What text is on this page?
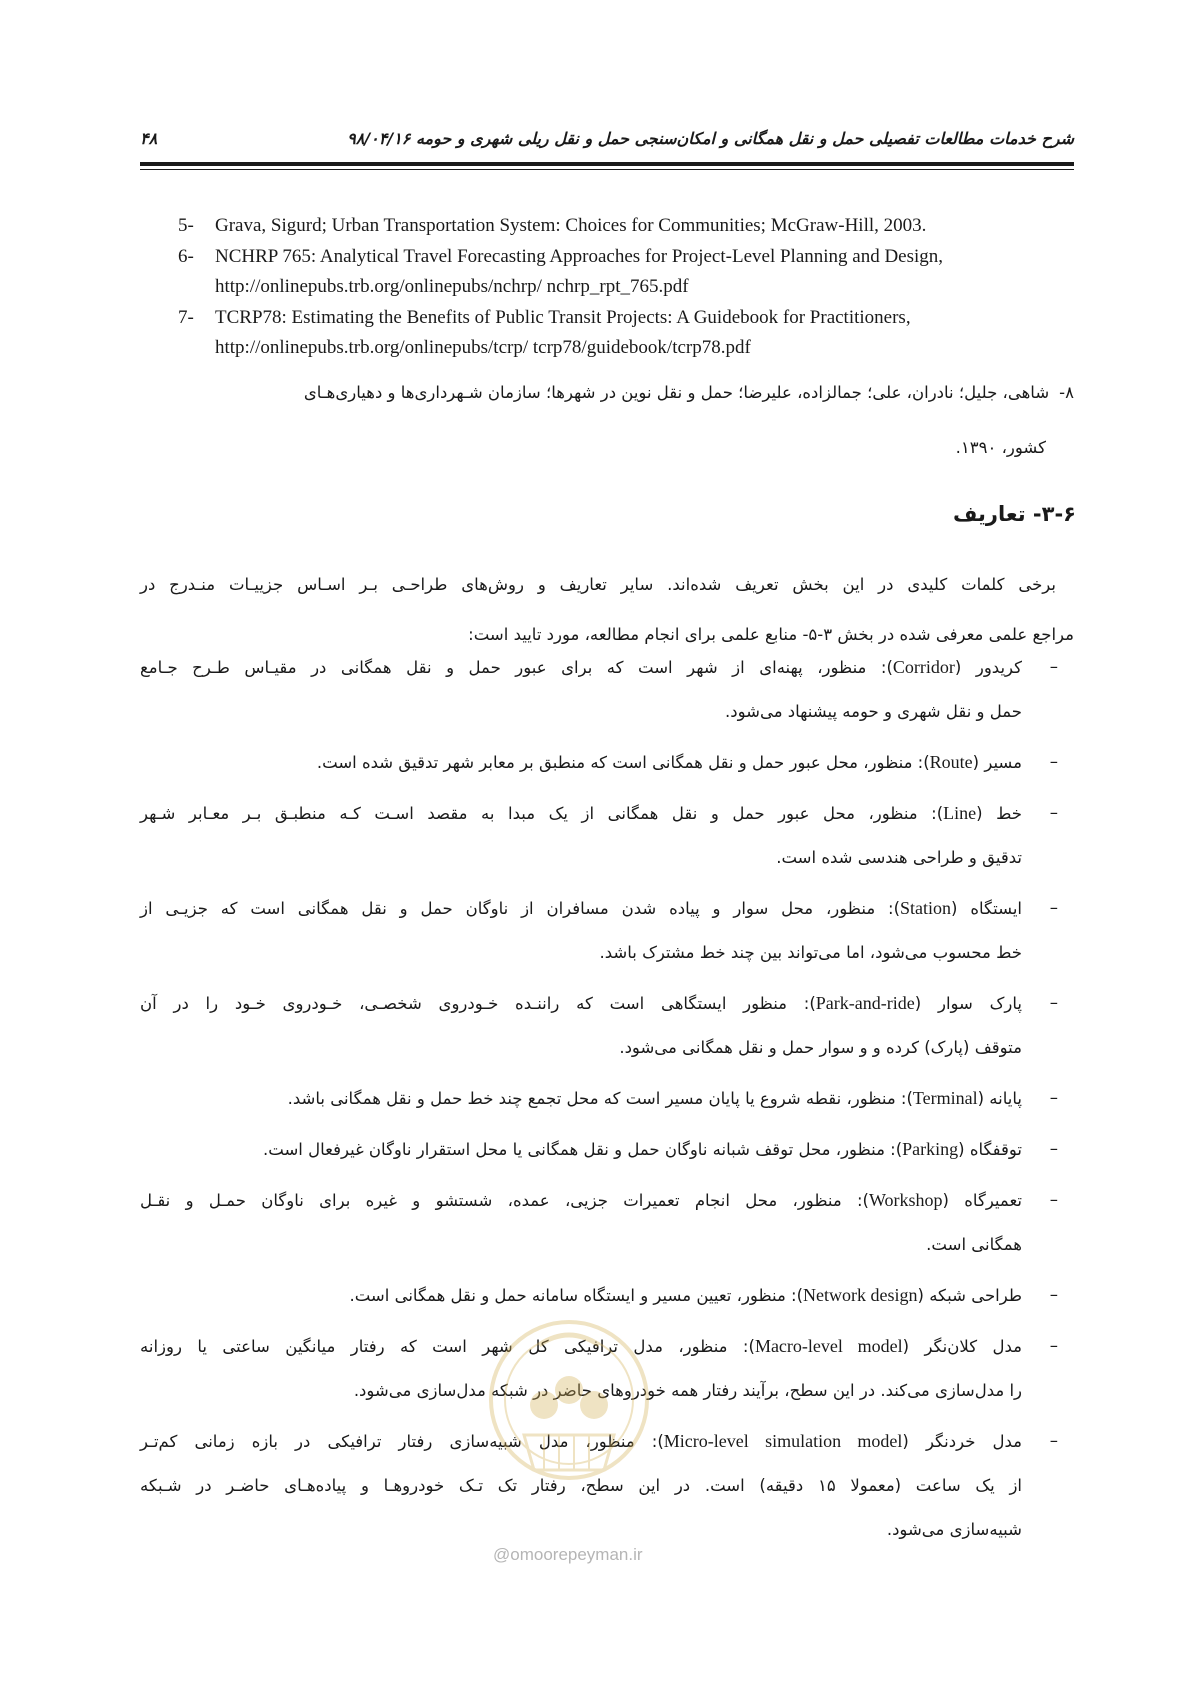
۴۸	شرح خدمات مطالعات تفصیلی حمل و نقل همگانی و امکان‌سنجی حمل و نقل ریلی شهری و حومه ۹۸/۰۴/۱۶
5- Grava, Sigurd; Urban Transportation System: Choices for Communities; McGraw-Hill, 2003.
6- NCHRP 765: Analytical Travel Forecasting Approaches for Project-Level Planning and Design,
http://onlinepubs.trb.org/onlinepubs/nchrp/ nchrp_rpt_765.pdf
7- TCRP78: Estimating the Benefits of Public Transit Projects: A Guidebook for Practitioners,
http://onlinepubs.trb.org/onlinepubs/tcrp/ tcrp78/guidebook/tcrp78.pdf
۸-شاهی، جلیل؛ نادران، علی؛ جمالزاده، علیرضا؛ حمل و نقل نوین در شهرها؛ سازمان شـهرداری‌ها و دهیاری‌هـای
کشور، ۱۳۹۰.
۳-۶- تعاریف
برخی کلمات کلیدی در این بخش تعریف شده‌اند. سایر تعاریف و روش‌های طراحـی بـر اسـاس جزییـات منـدرج در
مراجع علمی معرفی شده در بخش ۳-۵- منابع علمی برای انجام مطالعه، مورد تایید است:
–
کریدور (Corridor): منظور، پهنه‌ای از شهر است که برای عبور حمل و نقل همگانی در مقیـاس طـرح جـامع
حمل و نقل شهری و حومه پیشنهاد می‌شود.
–
مسیر (Route): منظور، محل عبور حمل و نقل همگانی است که منطبق بر معابر شهر تدقیق شده است.
–
خط (Line): منظور، محل عبور حمل و نقل همگانی از یک مبدا به مقصد اسـت کـه منطبـق بـر معـابر شـهر
تدقیق و طراحی هندسی شده است.
–
ایستگاه (Station): منظور، محل سوار و پیاده شدن مسافران از ناوگان حمل و نقل همگانی است که جزیـی از
خط محسوب می‌شود، اما می‌تواند بین چند خط مشترک باشد.
–
پارک سوار (Park-and-ride): منظور ایستگاهی است که راننـده خـودروی شخصـی، خـودروی خـود را در آن
متوقف (پارک) کرده و و سوار حمل و نقل همگانی می‌شود.
–
پایانه (Terminal): منظور، نقطه شروع یا پایان مسیر است که محل تجمع چند خط حمل و نقل همگانی باشد.
–
توقفگاه (Parking): منظور، محل توقف شبانه ناوگان حمل و نقل همگانی یا محل استقرار ناوگان غیرفعال است.
–
تعمیرگاه (Workshop): منظور، محل انجام تعمیرات جزیی، عمده، شستشو و غیره برای ناوگان حمـل و نقـل
همگانی است.
–
طراحی شبکه (Network design): منظور، تعیین مسیر و ایستگاه سامانه حمل و نقل همگانی است.
–
مدل کلان‌نگر (Macro-level model): منظور، مدل ترافیکی کل شهر است که رفتار میانگین ساعتی یا روزانه
را مدل‌سازی می‌کند. در این سطح، برآیند رفتار همه خودروهای حاضر در شبکه مدل‌سازی می‌شود.
–
مدل خردنگر (Micro-level simulation model): منظور، مدل شبیه‌سازی رفتار ترافیکی در بازه زمانی کم‌تـر
از یک ساعت (معمولا ۱۵ دقیقه) است. در این سطح، رفتار تک تـک خودروهـا و پیاده‌هـای حاضـر در شـبکه
شبیه‌سازی می‌شود.
@omoorepeyman.ir
